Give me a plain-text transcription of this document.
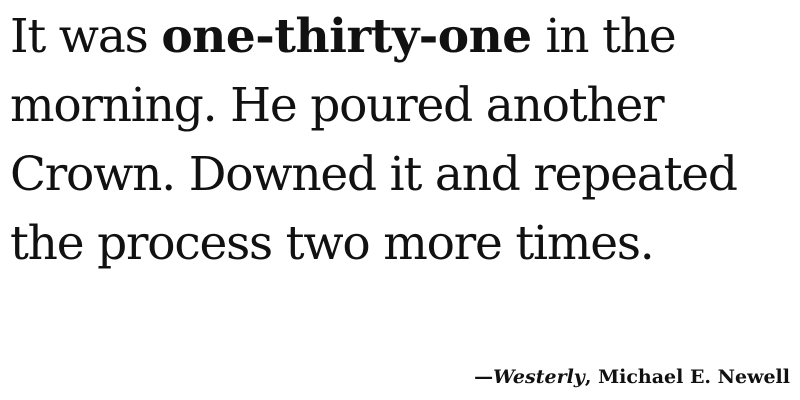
It was one-thirty-one in the
morning. He poured another
Crown. Downed it and repeated
the process two more times.

—Westerly, Michael E. Newell
